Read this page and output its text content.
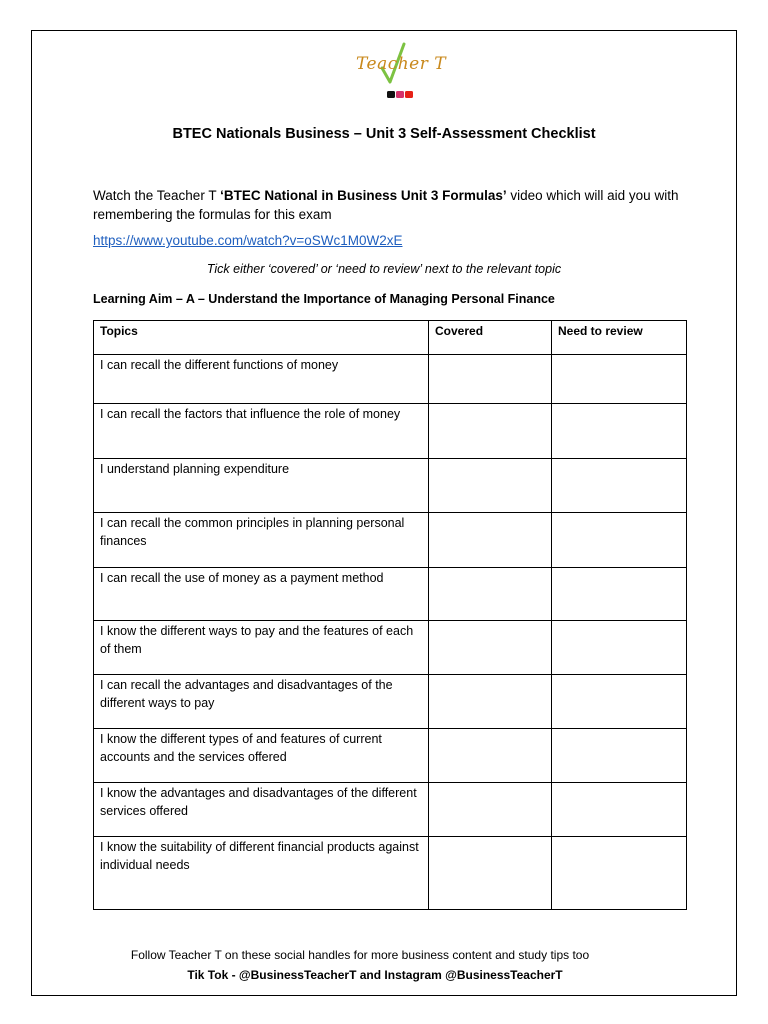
Teacher T
BTEC Nationals Business – Unit 3 Self-Assessment Checklist

Watch the Teacher T ‘BTEC National in Business Unit 3 Formulas’ video which will aid you with remembering the formulas for this exam

https://www.youtube.com/watch?v=oSWc1M0W2xE
Tick either ‘covered’ or ‘need to review’ next to the relevant topic
Learning Aim – A – Understand the Importance of Managing Personal Finance
Topics	Covered	Need to review
I can recall the different functions of money		
I can recall the factors that influence the role of money		
I understand planning expenditure		
I can recall the common principles in planning personal finances		
I can recall the use of money as a payment method		
I know the different ways to pay and the features of each of them		
I can recall the advantages and disadvantages of the different ways to pay		
I know the different types of and features of current accounts and the services offered		
I know the advantages and disadvantages of the different services offered		
I know the suitability of different financial products against individual needs		
Follow Teacher T on these social handles for more business content and study tips too
Tik Tok - @BusinessTeacherT and Instagram @BusinessTeacherT
